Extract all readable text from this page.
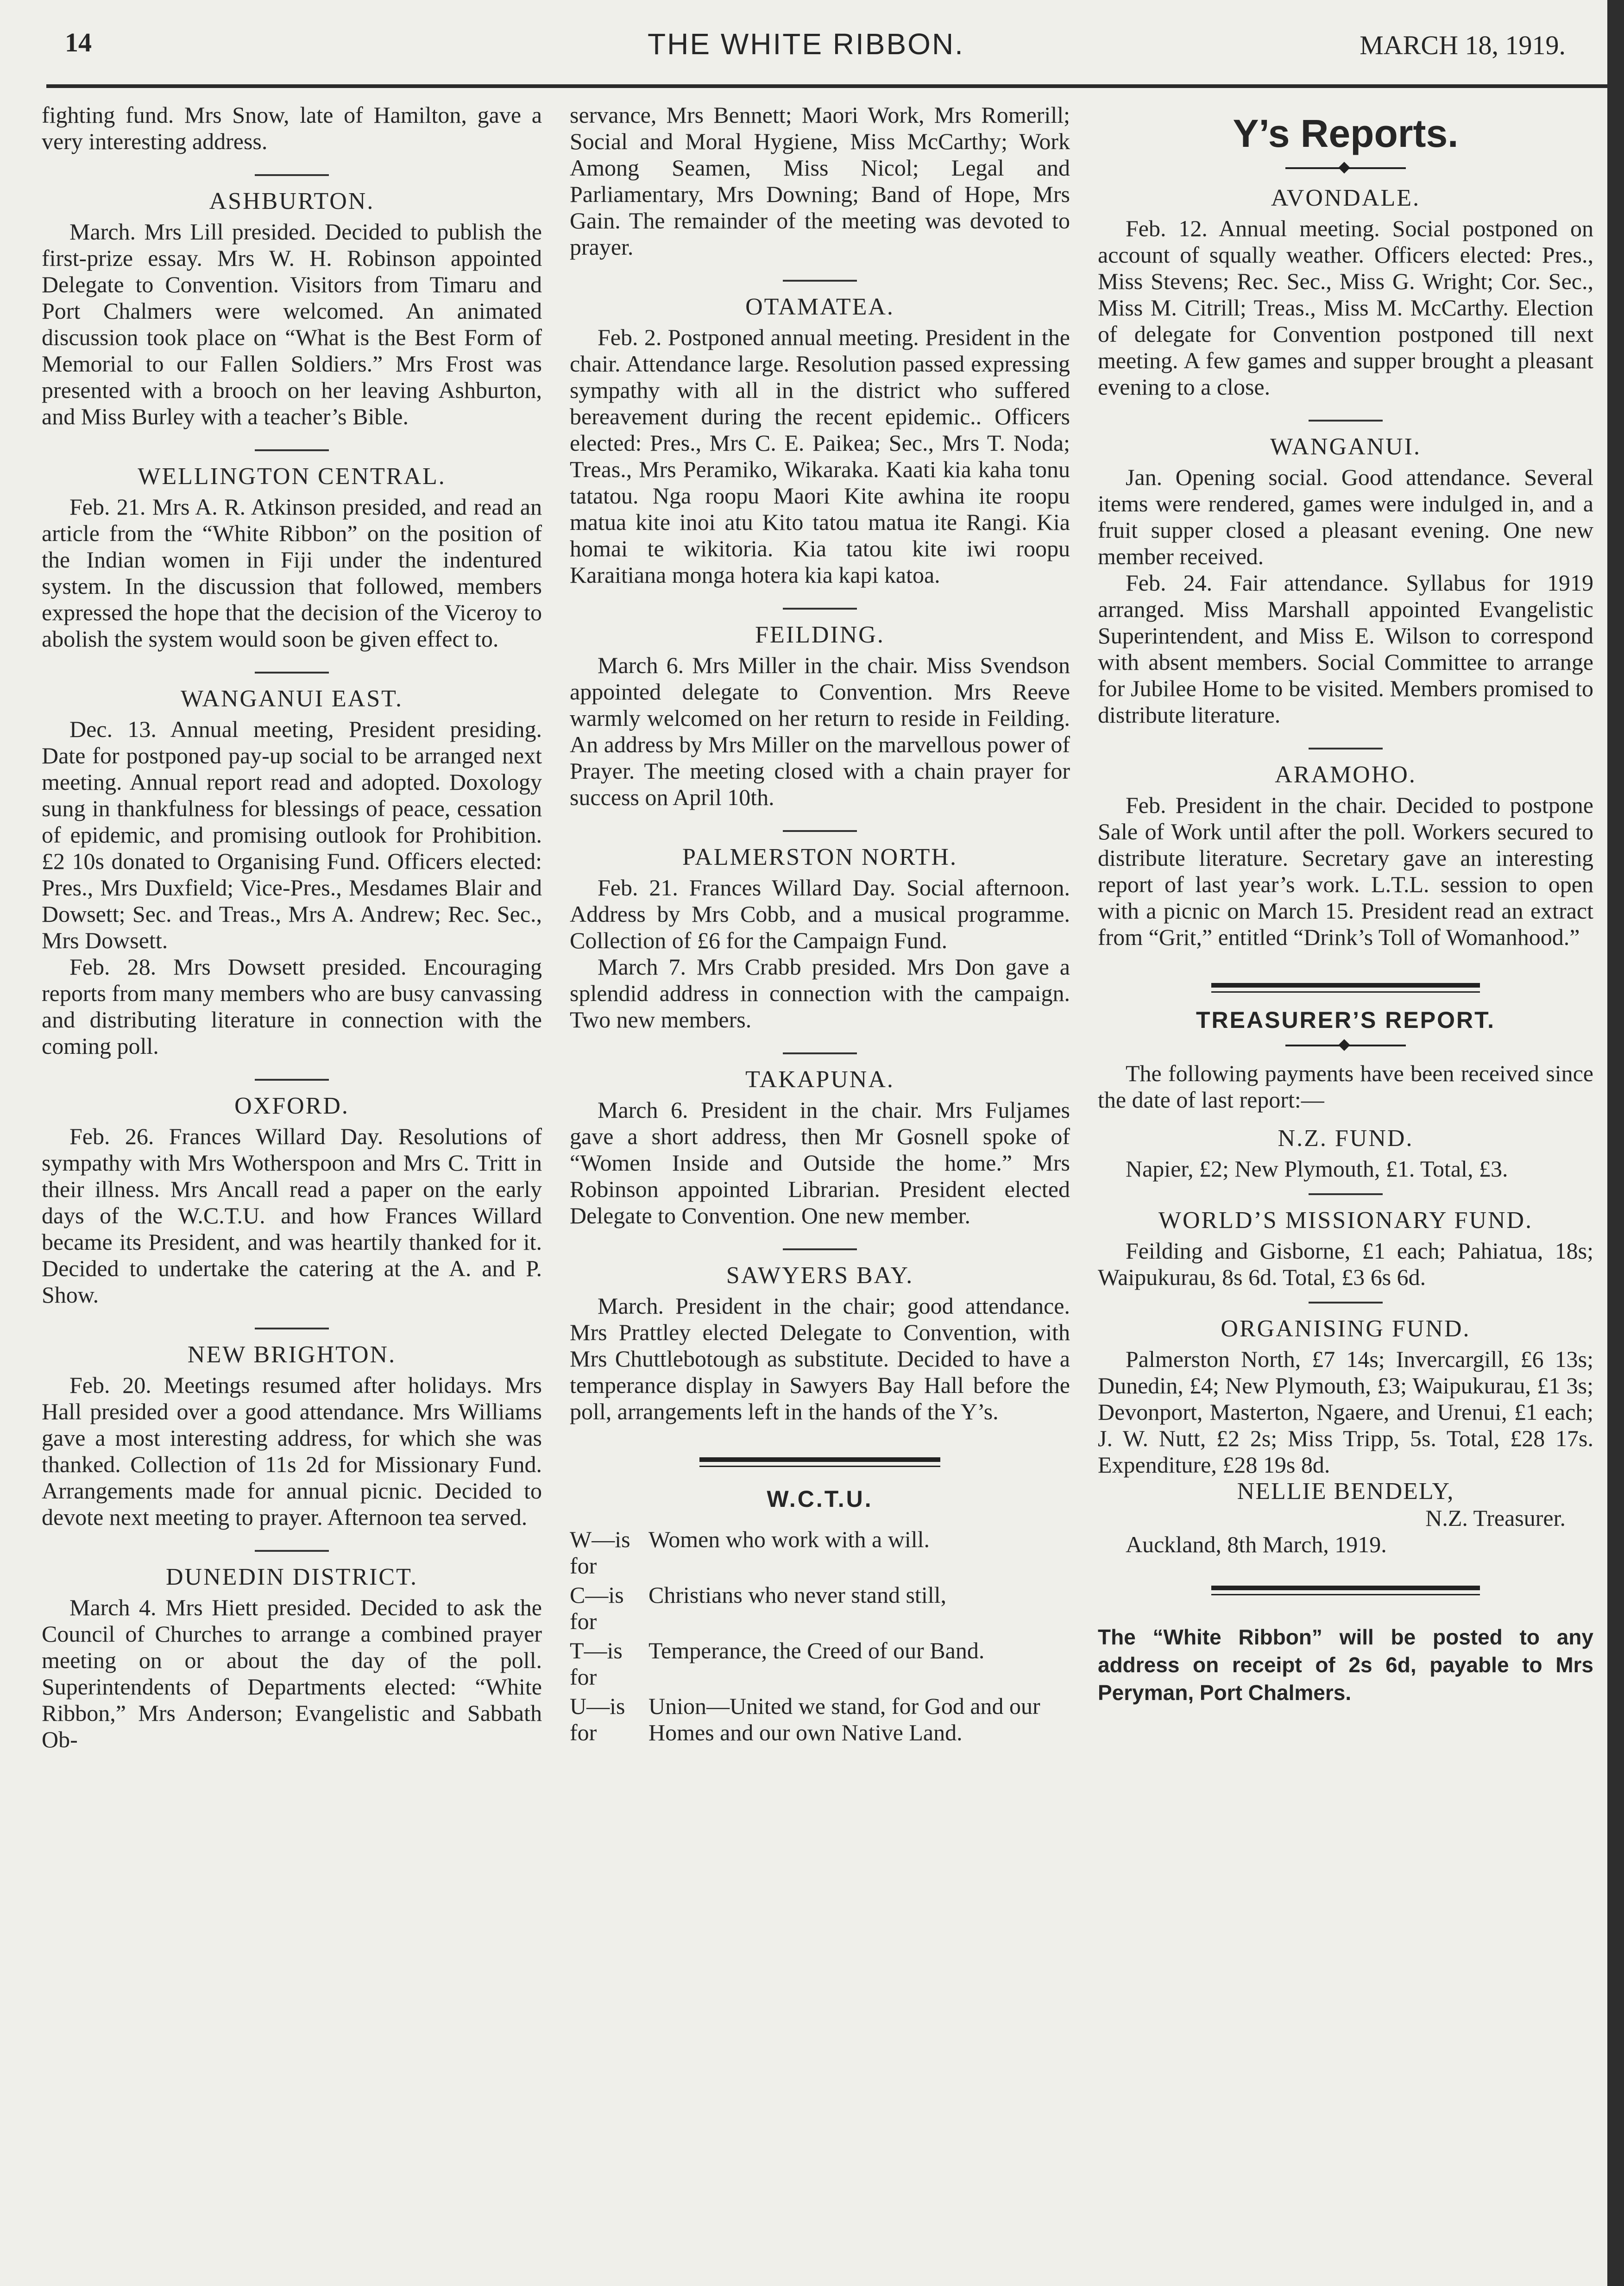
14	THE WHITE RIBBON.	MARCH 18, 1919.

fighting fund. Mrs Snow, late of Hamilton, gave a very interesting address.

ASHBURTON.

March. Mrs Lill presided. Decided to publish the first-prize essay. Mrs W. H. Robinson appointed Delegate to Convention. Visitors from Timaru and Port Chalmers were welcomed. An animated discussion took place on “What is the Best Form of Memorial to our Fallen Soldiers.” Mrs Frost was presented with a brooch on her leaving Ashburton, and Miss Burley with a teacher’s Bible.

WELLINGTON CENTRAL.

Feb. 21. Mrs A. R. Atkinson presided, and read an article from the “White Ribbon” on the position of the Indian women in Fiji under the indentured system. In the discussion that followed, members expressed the hope that the decision of the Viceroy to abolish the system would soon be given effect to.

WANGANUI EAST.

Dec. 13. Annual meeting, President presiding. Date for postponed pay-up social to be arranged next meeting. Annual report read and adopted. Doxology sung in thankfulness for blessings of peace, cessation of epidemic, and promising outlook for Prohibition. £2 10s donated to Organising Fund. Officers elected: Pres., Mrs Duxfield; Vice-Pres., Mesdames Blair and Dowsett; Sec. and Treas., Mrs A. Andrew; Rec. Sec., Mrs Dowsett.

Feb. 28. Mrs Dowsett presided. Encouraging reports from many members who are busy canvassing and distributing literature in connection with the coming poll.

OXFORD.

Feb. 26. Frances Willard Day. Resolutions of sympathy with Mrs Wotherspoon and Mrs C. Tritt in their illness. Mrs Ancall read a paper on the early days of the W.C.T.U. and how Frances Willard became its President, and was heartily thanked for it. Decided to undertake the catering at the A. and P. Show.

NEW BRIGHTON.

Feb. 20. Meetings resumed after holidays. Mrs Hall presided over a good attendance. Mrs Williams gave a most interesting address, for which she was thanked. Collection of 11s 2d for Missionary Fund. Arrangements made for annual picnic. Decided to devote next meeting to prayer. Afternoon tea served.

DUNEDIN DISTRICT.

March 4. Mrs Hiett presided. Decided to ask the Council of Churches to arrange a combined prayer meeting on or about the day of the poll. Superintendents of Departments elected: “White Ribbon,” Mrs Anderson; Evangelistic and Sabbath Ob-

servance, Mrs Bennett; Maori Work, Mrs Romerill; Social and Moral Hygiene, Miss McCarthy; Work Among Seamen, Miss Nicol; Legal and Parliamentary, Mrs Downing; Band of Hope, Mrs Gain. The remainder of the meeting was devoted to prayer.

OTAMATEA.

Feb. 2. Postponed annual meeting. President in the chair. Attendance large. Resolution passed expressing sympathy with all in the district who suffered bereavement during the recent epidemic.. Officers elected: Pres., Mrs C. E. Paikea; Sec., Mrs T. Noda; Treas., Mrs Peramiko, Wikaraka. Kaati kia kaha tonu tatatou. Nga roopu Maori Kite awhina ite roopu matua kite inoi atu Kito tatou matua ite Rangi. Kia homai te wikitoria. Kia tatou kite iwi roopu Karaitiana monga hotera kia kapi katoa.

FEILDING.

March 6. Mrs Miller in the chair. Miss Svendson appointed delegate to Convention. Mrs Reeve warmly welcomed on her return to reside in Feilding. An address by Mrs Miller on the marvellous power of Prayer. The meeting closed with a chain prayer for success on April 10th.

PALMERSTON NORTH.

Feb. 21. Frances Willard Day. Social afternoon. Address by Mrs Cobb, and a musical programme. Collection of £6 for the Campaign Fund.

March 7. Mrs Crabb presided. Mrs Don gave a splendid address in connection with the campaign. Two new members.

TAKAPUNA.

March 6. President in the chair. Mrs Fuljames gave a short address, then Mr Gosnell spoke of “Women Inside and Outside the home.” Mrs Robinson appointed Librarian. President elected Delegate to Convention. One new member.

SAWYERS BAY.

March. President in the chair; good attendance. Mrs Prattley elected Delegate to Convention, with Mrs Chuttlebotough as substitute. Decided to have a temperance display in Sawyers Bay Hall before the poll, arrangements left in the hands of the Y’s.

W.C.T.U.
W—is for
Women who work with a will.
C—is for
Christians who never stand still,
T—is for
Temperance, the Creed of our Band.
U—is for
Union—United we stand, for God and our Homes and our own Native Land.
Y’s Reports.
AVONDALE.

Feb. 12. Annual meeting. Social postponed on account of squally weather. Officers elected: Pres., Miss Stevens; Rec. Sec., Miss G. Wright; Cor. Sec., Miss M. Citrill; Treas., Miss M. McCarthy. Election of delegate for Convention postponed till next meeting. A few games and supper brought a pleasant evening to a close.

WANGANUI.

Jan. Opening social. Good attendance. Several items were rendered, games were indulged in, and a fruit supper closed a pleasant evening. One new member received.

Feb. 24. Fair attendance. Syllabus for 1919 arranged. Miss Marshall appointed Evangelistic Superintendent, and Miss E. Wilson to correspond with absent members. Social Committee to arrange for Jubilee Home to be visited. Members promised to distribute literature.

ARAMOHO.

Feb. President in the chair. Decided to postpone Sale of Work until after the poll. Workers secured to distribute literature. Secretary gave an interesting report of last year’s work. L.T.L. session to open with a picnic on March 15. President read an extract from “Grit,” entitled “Drink’s Toll of Womanhood.”

TREASURER’S REPORT.

The following payments have been received since the date of last report:—

N.Z. FUND.

Napier, £2; New Plymouth, £1. Total, £3.

WORLD’S MISSIONARY FUND.

Feilding and Gisborne, £1 each; Pahiatua, 18s; Waipukurau, 8s 6d. Total, £3 6s 6d.

ORGANISING FUND.

Palmerston North, £7 14s; Invercargill, £6 13s; Dunedin, £4; New Plymouth, £3; Waipukurau, £1 3s; Devonport, Masterton, Ngaere, and Urenui, £1 each; J. W. Nutt, £2 2s; Miss Tripp, 5s. Total, £28 17s. Expenditure, £28 19s 8d.

NELLIE BENDELY,

N.Z. Treasurer.

Auckland, 8th March, 1919.

The “White Ribbon” will be posted to any address on receipt of 2s 6d, payable to Mrs Peryman, Port Chalmers.
